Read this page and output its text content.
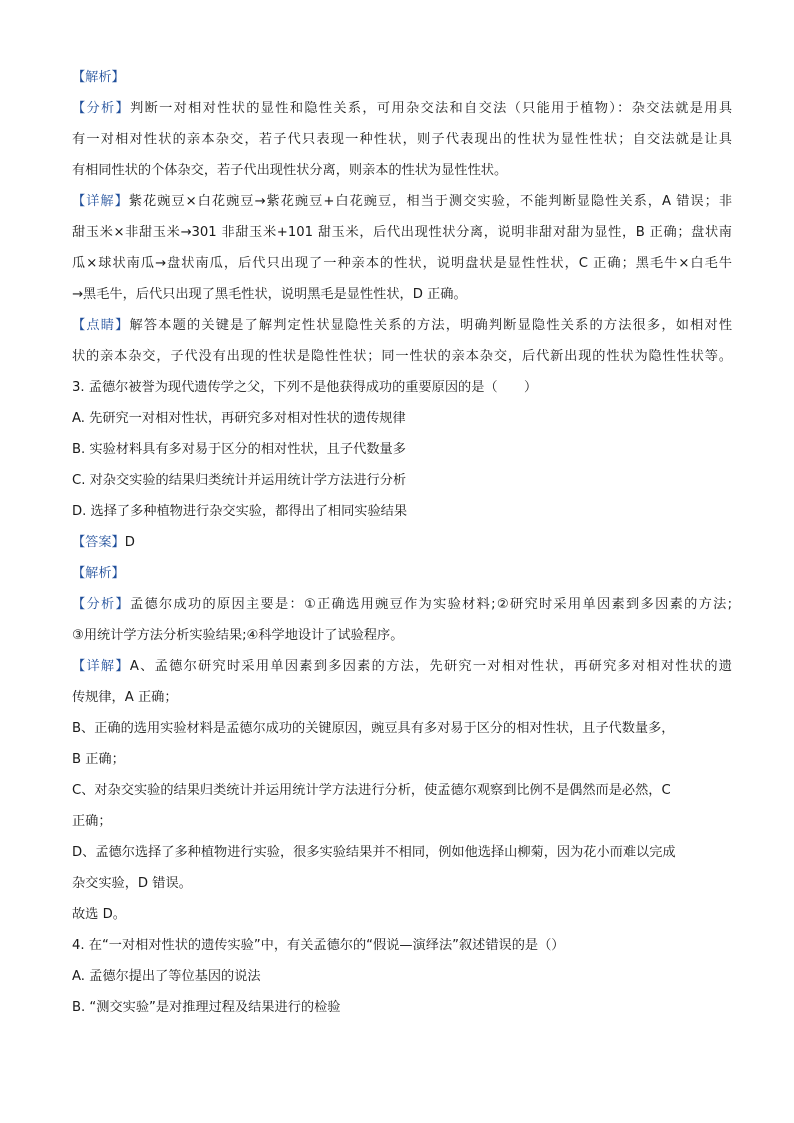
【解析】
【分析】判断一对相对性状的显性和隐性关系，可用杂交法和自交法（只能用于植物）：杂交法就是用具
有一对相对性状的亲本杂交，若子代只表现一种性状，则子代表现出的性状为显性性状；自交法就是让具
有相同性状的个体杂交，若子代出现性状分离，则亲本的性状为显性性状。
【详解】紫花豌豆×白花豌豆→紫花豌豆+白花豌豆，相当于测交实验，不能判断显隐性关系，A 错误；非
甜玉米×非甜玉米→301 非甜玉米+101 甜玉米，后代出现性状分离，说明非甜对甜为显性，B 正确；盘状南
瓜×球状南瓜→盘状南瓜，后代只出现了一种亲本的性状，说明盘状是显性性状，C 正确；黑毛牛×白毛牛
→黑毛牛，后代只出现了黑毛性状，说明黑毛是显性性状，D 正确。
【点睛】解答本题的关键是了解判定性状显隐性关系的方法，明确判断显隐性关系的方法很多，如相对性
状的亲本杂交，子代没有出现的性状是隐性性状；同一性状的亲本杂交，后代新出现的性状为隐性性状等。
3. 孟德尔被誉为现代遗传学之父，下列不是他获得成功的重要原因的是（　　）
A. 先研究一对相对性状，再研究多对相对性状的遗传规律
B. 实验材料具有多对易于区分的相对性状，且子代数量多
C. 对杂交实验的结果归类统计并运用统计学方法进行分析
D. 选择了多种植物进行杂交实验，都得出了相同实验结果
【答案】D
【解析】
【分析】孟德尔成功的原因主要是：①正确选用豌豆作为实验材料;②研究时采用单因素到多因素的方法;
③用统计学方法分析实验结果;④科学地设计了试验程序。
【详解】A、孟德尔研究时采用单因素到多因素的方法，先研究一对相对性状，再研究多对相对性状的遗
传规律，A 正确；
B、正确的选用实验材料是孟德尔成功的关键原因，豌豆具有多对易于区分的相对性状，且子代数量多，
B 正确；
C、对杂交实验的结果归类统计并运用统计学方法进行分析，使孟德尔观察到比例不是偶然而是必然，C
正确；
D、孟德尔选择了多种植物进行实验，很多实验结果并不相同，例如他选择山柳菊，因为花小而难以完成
杂交实验，D 错误。
故选 D。
4. 在“一对相对性状的遗传实验”中，有关孟德尔的“假说—演绎法”叙述错误的是（）
A. 孟德尔提出了等位基因的说法
B. “测交实验”是对推理过程及结果进行的检验
